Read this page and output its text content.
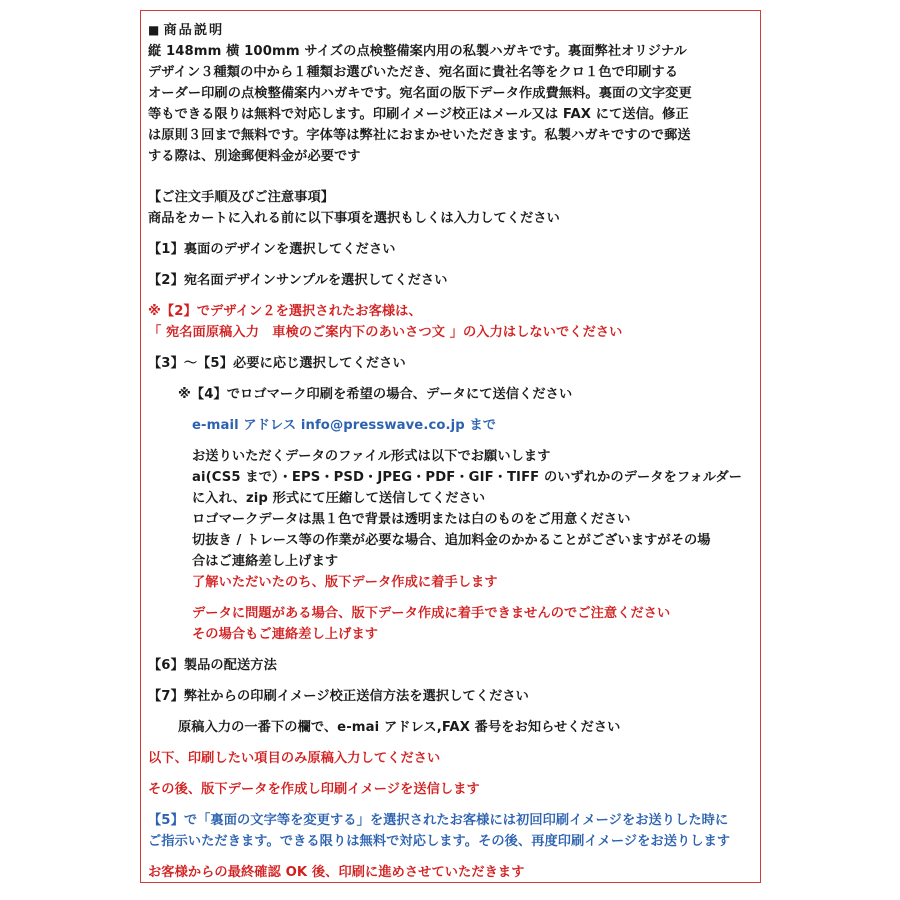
■ 商品説明

縦 148mm 横 100mm サイズの点検整備案内用の私製ハガキです。裏面弊社オリジナル

デザイン３種類の中から１種類お選びいただき、宛名面に貴社名等をクロ１色で印刷する

オーダー印刷の点検整備案内ハガキです。宛名面の版下データ作成費無料。裏面の文字変更

等もできる限りは無料で対応します。印刷イメージ校正はメール又は FAX にて送信。修正

は原則３回まで無料です。字体等は弊社におまかせいただきます。私製ハガキですので郵送

する際は、別途郵便料金が必要です

【ご注文手順及びご注意事項】

商品をカートに入れる前に以下事項を選択もしくは入力してください

【1】裏面のデザインを選択してください

【2】宛名面デザインサンプルを選択してください

※【2】でデザイン２を選択されたお客様は、

「 宛名面原稿入力　車検のご案内下のあいさつ文 」の入力はしないでください

【3】～【5】必要に応じ選択してください

※【4】でロゴマーク印刷を希望の場合、データにて送信ください

e-mail アドレス info@presswave.co.jp まで

お送りいただくデータのファイル形式は以下でお願いします

ai(CS5 まで）・EPS・PSD・JPEG・PDF・GIF・TIFF のいずれかのデータをフォルダー

に入れ、zip 形式にて圧縮して送信してください

ロゴマークデータは黒１色で背景は透明または白のものをご用意ください

切抜き / トレース等の作業が必要な場合、追加料金のかかることがございますがその場

合はご連絡差し上げます

了解いただいたのち、版下データ作成に着手します

データに問題がある場合、版下データ作成に着手できませんのでご注意ください

その場合もご連絡差し上げます

【6】製品の配送方法

【7】弊社からの印刷イメージ校正送信方法を選択してください

原稿入力の一番下の欄で、e-mai アドレス,FAX 番号をお知らせください

以下、印刷したい項目のみ原稿入力してください

その後、版下データを作成し印刷イメージを送信します

【5】で「裏面の文字等を変更する」を選択されたお客様には初回印刷イメージをお送りした時に

ご指示いただきます。できる限りは無料で対応します。その後、再度印刷イメージをお送りします

お客様からの最終確認 OK 後、印刷に進めさせていただきます
